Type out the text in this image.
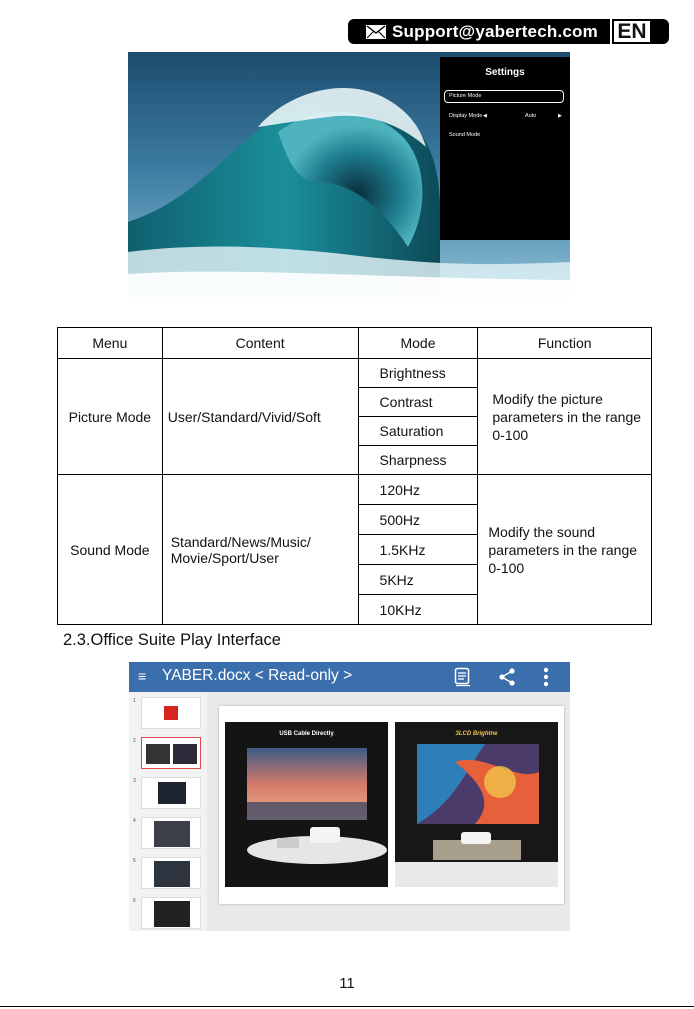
Support@yabertech.com EN
Settings
Picture Mode
Display Mode ◀	Auto	▶
Sound Mode
Menu	Content	Mode	Function
Picture Mode	User/Standard/Vivid/Soft	Brightness	Modify the picture parameters in the range 0-100
		Contrast	
		Saturation	
		Sharpness	
Sound Mode	Standard/News/Music/ Movie/Sport/User	120Hz	Modify the sound parameters in the range 0-100
		500Hz	
		1.5KHz	
		5KHz	
		10KHz	
2.3.Office Suite Play Interface
≡ YABER.docx < Read-only >
1
2
3
4
5
6
USB Cable Directly	3LCD Brightne
11
